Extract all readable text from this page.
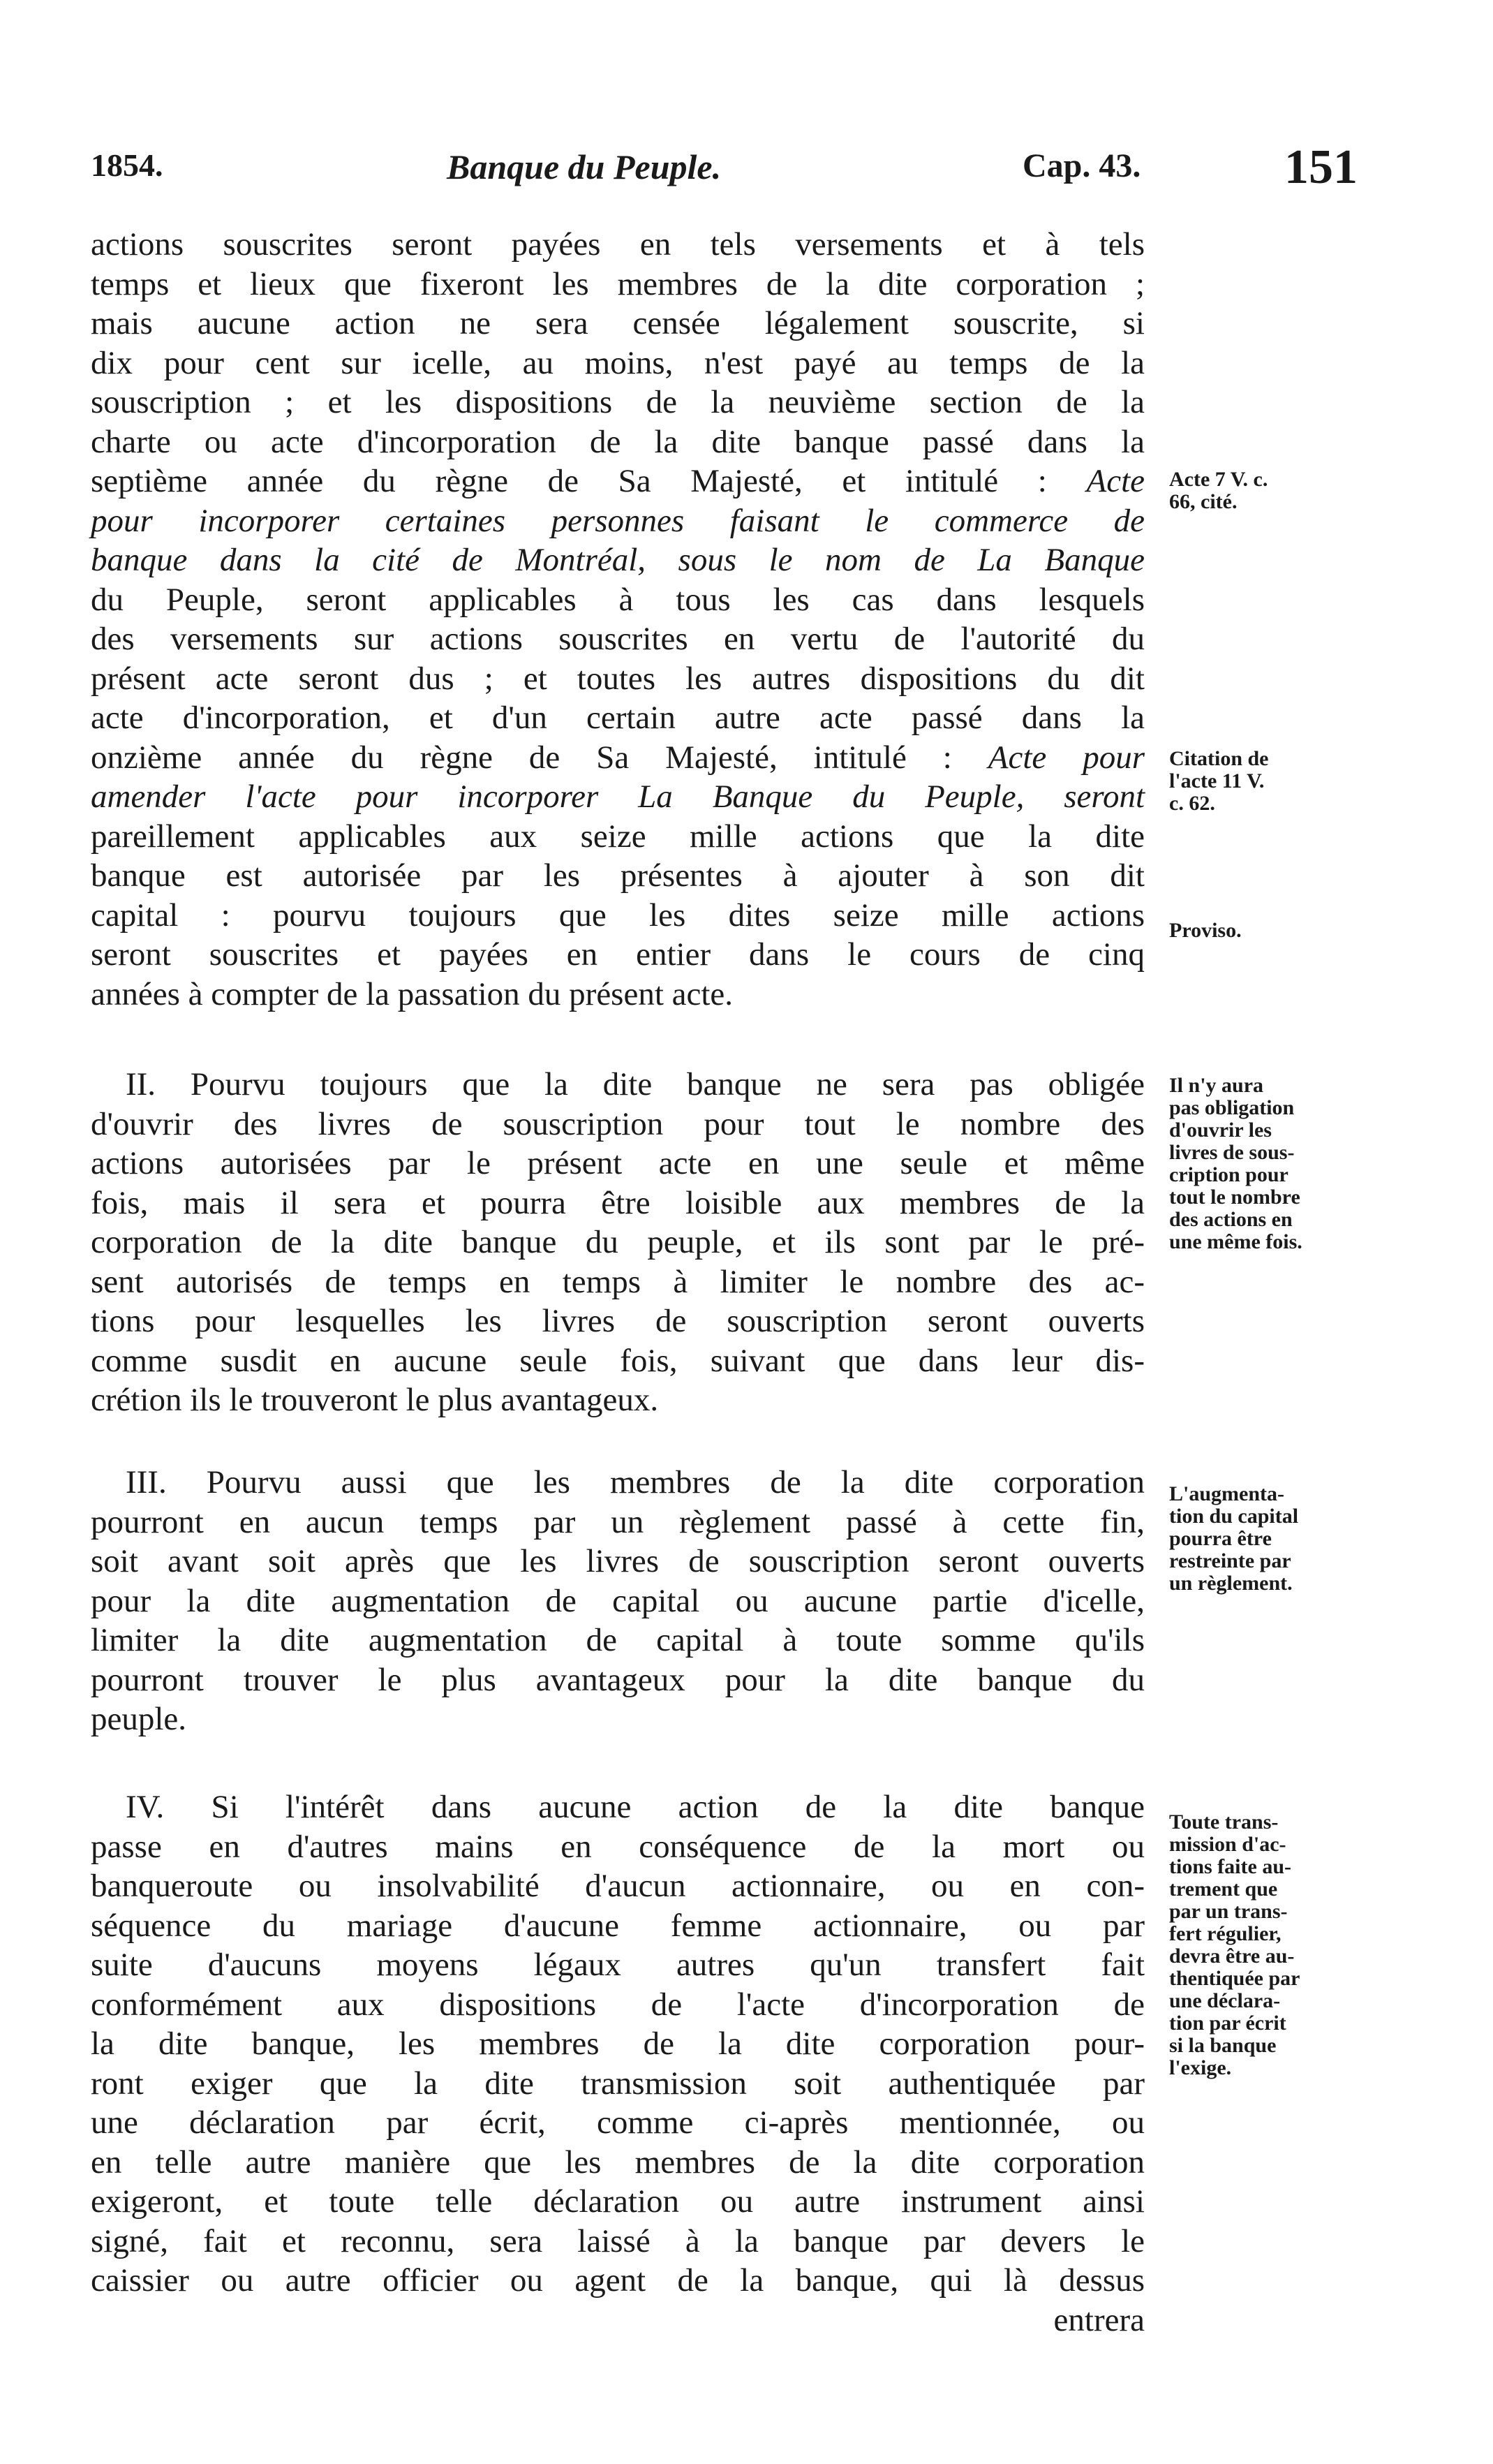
1854.	Banque du Peuple.	Cap. 43.	151
actions souscrites seront payées en tels versements et à tels
temps et lieux que fixeront les membres de la dite corporation ;
mais aucune action ne sera censée légalement souscrite, si
dix pour cent sur icelle, au moins, n'est payé au temps de la
souscription ; et les dispositions de la neuvième section de la
charte ou acte d'incorporation de la dite banque passé dans la
septième année du règne de Sa Majesté, et intitulé : Acte
pour incorporer certaines personnes faisant le commerce de
banque dans la cité de Montréal, sous le nom de La Banque
du Peuple, seront applicables à tous les cas dans lesquels
des versements sur actions souscrites en vertu de l'autorité du
présent acte seront dus ; et toutes les autres dispositions du dit
acte d'incorporation, et d'un certain autre acte passé dans la
onzième année du règne de Sa Majesté, intitulé : Acte pour
amender l'acte pour incorporer La Banque du Peuple, seront
pareillement applicables aux seize mille actions que la dite
banque est autorisée par les présentes à ajouter à son dit
capital : pourvu toujours que les dites seize mille actions
seront souscrites et payées en entier dans le cours de cinq
années à compter de la passation du présent acte.
II. Pourvu toujours que la dite banque ne sera pas obligée
d'ouvrir des livres de souscription pour tout le nombre des
actions autorisées par le présent acte en une seule et même
fois, mais il sera et pourra être loisible aux membres de la
corporation de la dite banque du peuple, et ils sont par le pré-
sent autorisés de temps en temps à limiter le nombre des ac-
tions pour lesquelles les livres de souscription seront ouverts
comme susdit en aucune seule fois, suivant que dans leur dis-
crétion ils le trouveront le plus avantageux.
III. Pourvu aussi que les membres de la dite corporation
pourront en aucun temps par un règlement passé à cette fin,
soit avant soit après que les livres de souscription seront ouverts
pour la dite augmentation de capital ou aucune partie d'icelle,
limiter la dite augmentation de capital à toute somme qu'ils
pourront trouver le plus avantageux pour la dite banque du
peuple.
IV. Si l'intérêt dans aucune action de la dite banque
passe en d'autres mains en conséquence de la mort ou
banqueroute ou insolvabilité d'aucun actionnaire, ou en con-
séquence du mariage d'aucune femme actionnaire, ou par
suite d'aucuns moyens légaux autres qu'un transfert fait
conformément aux dispositions de l'acte d'incorporation de
la dite banque, les membres de la dite corporation pour-
ront exiger que la dite transmission soit authentiquée par
une déclaration par écrit, comme ci-après mentionnée, ou
en telle autre manière que les membres de la dite corporation
exigeront, et toute telle déclaration ou autre instrument ainsi
signé, fait et reconnu, sera laissé à la banque par devers le
caissier ou autre officier ou agent de la banque, qui là dessus
entrera
Acte 7 V. c.
66, cité.
Citation de
l'acte 11 V.
c. 62.
Proviso.
Il n'y aura
pas obligation
d'ouvrir les
livres de sous-
cription pour
tout le nombre
des actions en
une même fois.
L'augmenta-
tion du capital
pourra être
restreinte par
un règlement.
Toute trans-
mission d'ac-
tions faite au-
trement que
par un trans-
fert régulier,
devra être au-
thentiquée par
une déclara-
tion par écrit
si la banque
l'exige.
